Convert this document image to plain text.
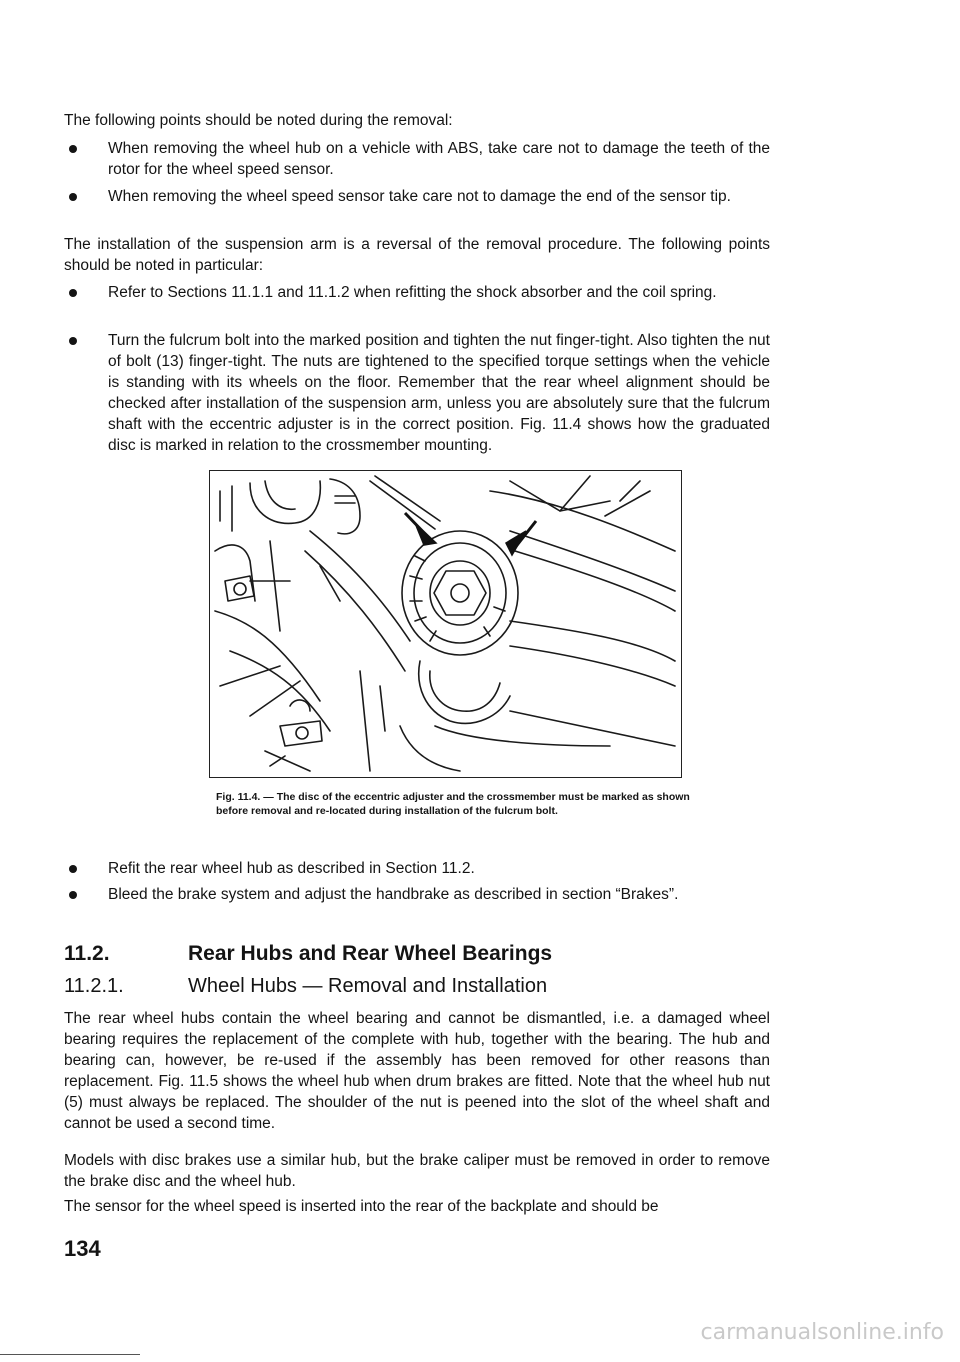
The following points should be noted during the removal:

When removing the wheel hub on a vehicle with ABS, take care not to damage the teeth of the rotor for the wheel speed sensor.
When removing the wheel speed sensor take care not to damage the end of the sensor tip.

The installation of the suspension arm is a reversal of the removal procedure. The following points should be noted in particular:

Refer to Sections 11.1.1 and 11.1.2 when refitting the shock absorber and the coil spring.
Turn the fulcrum bolt into the marked position and tighten the nut finger-tight. Also tighten the nut of bolt (13) finger-tight. The nuts are tightened to the specified torque settings when the vehicle is standing with its wheels on the floor. Remember that the rear wheel alignment should be checked after installation of the suspension arm, unless you are absolutely sure that the fulcrum shaft with the eccentric adjuster is in the correct position. Fig. 11.4 shows how the graduated disc is marked in relation to the crossmember mounting.
Fig. 11.4. — The disc of the eccentric adjuster and the crossmember must be marked as shown before removal and re-located during installation of the fulcrum bolt.
Refit the rear wheel hub as described in Section 11.2.
Bleed the brake system and adjust the handbrake as described in section “Brakes”.
11.2.	Rear Hubs and Rear Wheel Bearings
11.2.1.	Wheel Hubs — Removal and Installation

The rear wheel hubs contain the wheel bearing and cannot be dismantled, i.e. a damaged wheel bearing requires the replacement of the complete with hub, together with the bearing. The hub and bearing can, however, be re-used if the assembly has been removed for other reasons than replacement. Fig. 11.5 shows the wheel hub when drum brakes are fitted. Note that the wheel hub nut (5) must always be replaced. The shoulder of the nut is peened into the slot of the wheel shaft and cannot be used a second time.

Models with disc brakes use a similar hub, but the brake caliper must be removed in order to remove the brake disc and the wheel hub.

The sensor for the wheel speed is inserted into the rear of the backplate and should be

134
carmanualsonline.info
